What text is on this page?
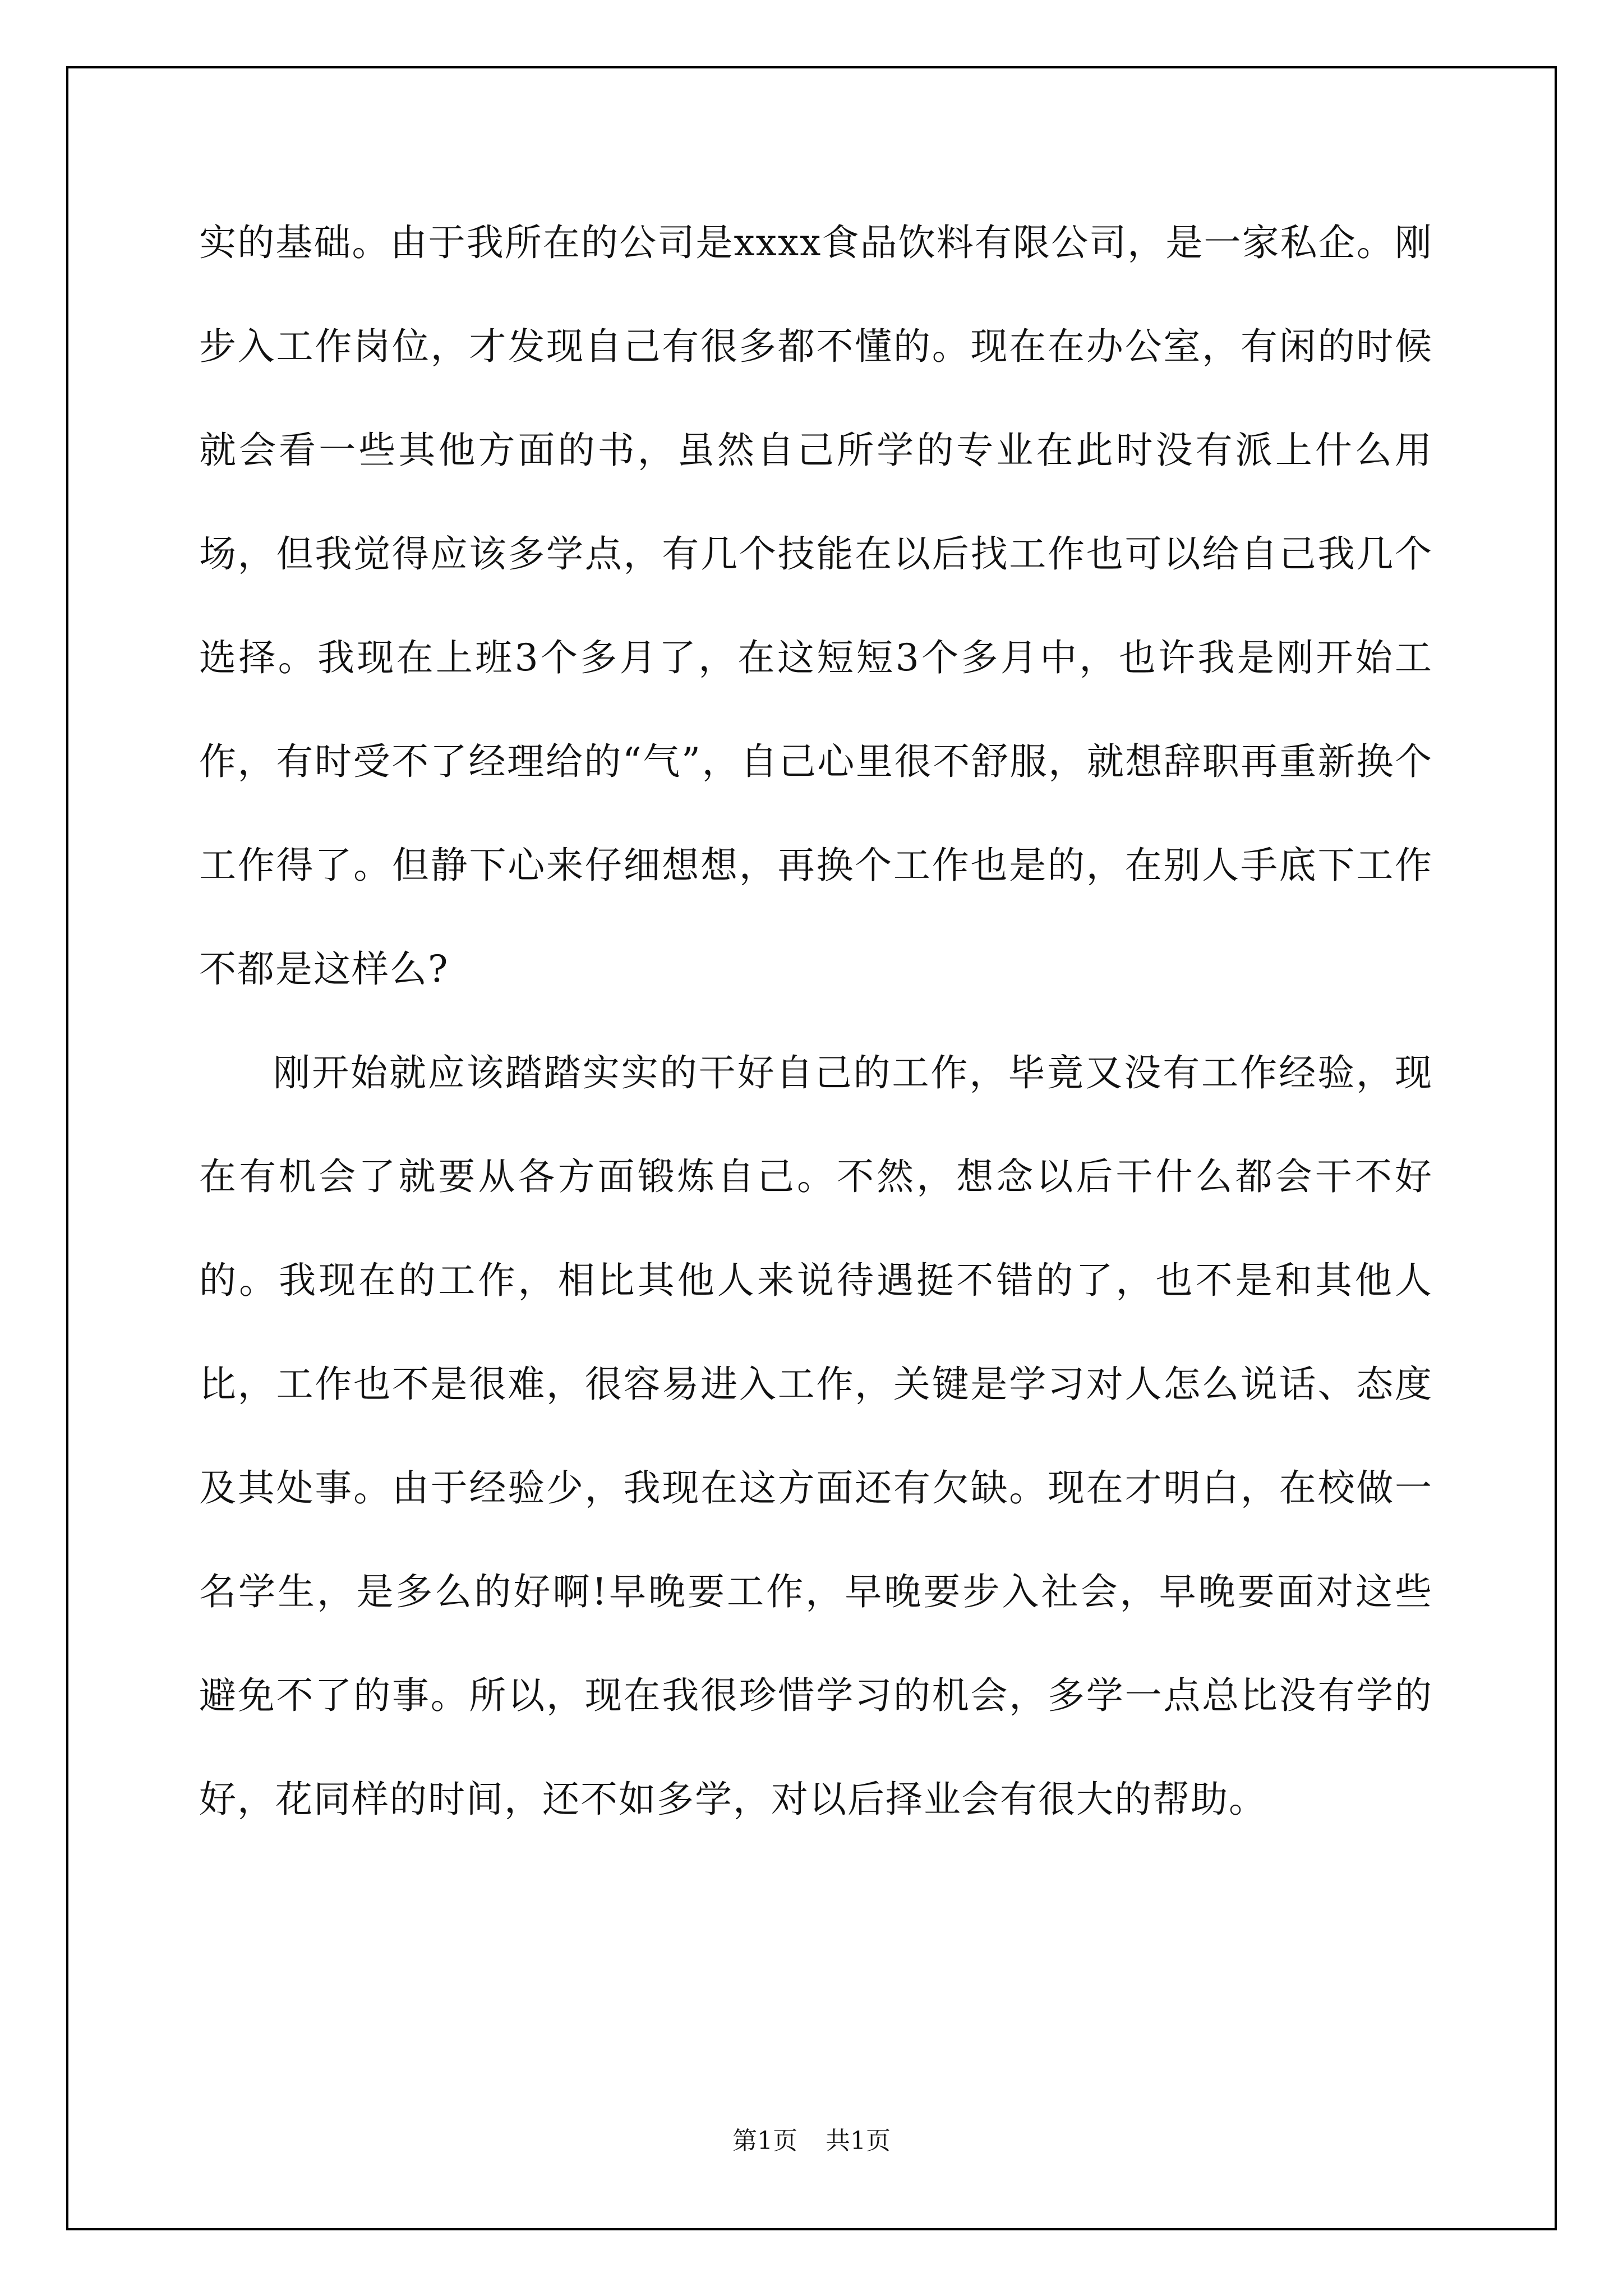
实的基础。由于我所在的公司是xxxx食品饮料有限公司，是一家私企。刚步入工作岗位，才发现自己有很多都不懂的。现在在办公室，有闲的时候就会看一些其他方面的书，虽然自己所学的专业在此时没有派上什么用场，但我觉得应该多学点，有几个技能在以后找工作也可以给自己我几个选择。我现在上班3个多月了，在这短短3个多月中，也许我是刚开始工作，有时受不了经理给的“气”，自己心里很不舒服，就想辞职再重新换个工作得了。但静下心来仔细想想，再换个工作也是的，在别人手底下工作不都是这样么?

刚开始就应该踏踏实实的干好自己的工作，毕竟又没有工作经验，现在有机会了就要从各方面锻炼自己。不然，想念以后干什么都会干不好的。我现在的工作，相比其他人来说待遇挺不错的了，也不是和其他人比，工作也不是很难，很容易进入工作，关键是学习对人怎么说话、态度及其处事。由于经验少，我现在这方面还有欠缺。现在才明白，在校做一名学生，是多么的好啊!早晚要工作，早晚要步入社会，早晚要面对这些避免不了的事。所以，现在我很珍惜学习的机会，多学一点总比没有学的好，花同样的时间，还不如多学，对以后择业会有很大的帮助。

第1页 共1页
